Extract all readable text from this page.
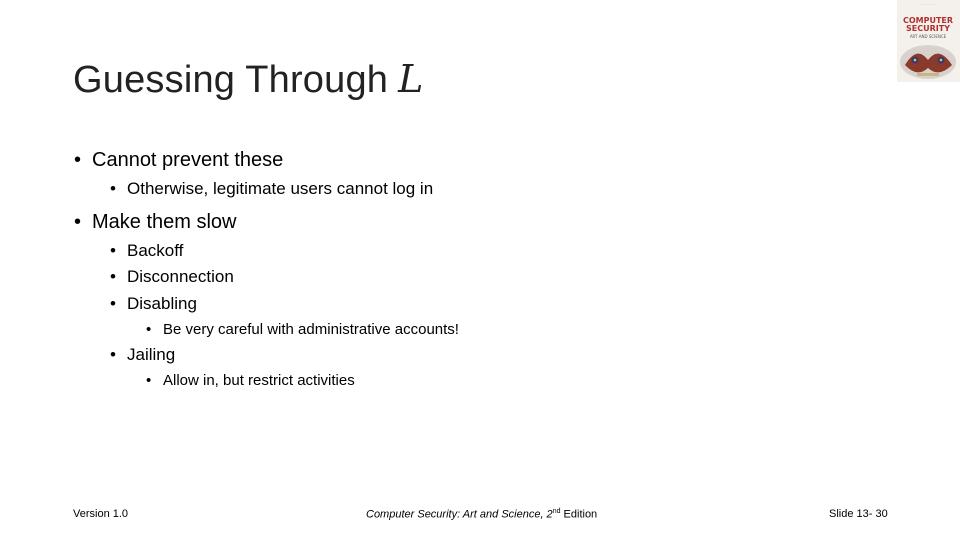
Guessing Through L
• Cannot prevent these
• Otherwise, legitimate users cannot log in
• Make them slow
• Backoff
• Disconnection
• Disabling
• Be very careful with administrative accounts!
• Jailing
• Allow in, but restrict activities
· · · · · · · ·
COMPUTER
SECURITY
ART AND SCIENCE
Version 1.0	Computer Security: Art and Science, 2nd Edition	Slide 13- 30
